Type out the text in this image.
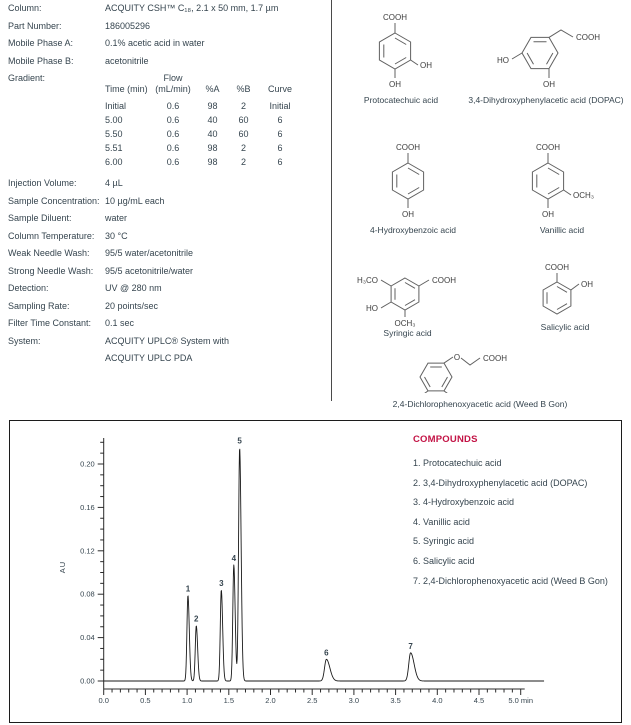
Column:	ACQUITY CSH™ C₁₈, 2.1 x 50 mm, 1.7 µm
Part Number:	186005296
Mobile Phase A:	0.1% acetic acid in water
Mobile Phase B:	acetonitrile
Gradient:
Time (min)	Flow (mL/min)	%A	%B	Curve
Initial	0.6	98	2	Initial
5.00	0.6	40	60	6
5.50	0.6	40	60	6
5.51	0.6	98	2	6
6.00	0.6	98	2	6
Injection Volume:	4 µL
Sample Concentration: 10 µg/mL each
Sample Diluent:	water
Column Temperature:	30 °C
Weak Needle Wash:	95/5 water/acetonitrile
Strong Needle Wash:	95/5 acetonitrile/water
Detection:	UV @ 280 nm
Sampling Rate:	20 points/sec
Filter Time Constant:	0.1 sec
System:	ACQUITY UPLC® System with
ACQUITY UPLC PDA
COOH
OH
OH
Protocatechuic acid
COOH
HO
OH
3,4-Dihydroxyphenylacetic acid (DOPAC)
COOH
OH
4-Hydroxybenzoic acid
COOH
OCH₃
OH
Vanillic acid
H₃CO	COOH
HO
OCH₃
Syringic acid
COOH
OH
Salicylic acid
O	COOH
2,4-Dichlorophenoxyacetic acid (Weed B Gon)
0.0	0.5	1.0	1.5	2.0	2.5	3.0	3.5	4.0	4.5	5.0 min
0.00
0.04
0.08
0.12
0.16
0.20
AU
1
2
3
4
5
6
7
COMPOUNDS
1. Protocatechuic acid
2. 3,4-Dihydroxyphenylacetic acid (DOPAC)
3. 4-Hydroxybenzoic acid
4. Vanillic acid
5. Syringic acid
6. Salicylic acid
7. 2,4-Dichlorophenoxyacetic acid (Weed B Gon)
